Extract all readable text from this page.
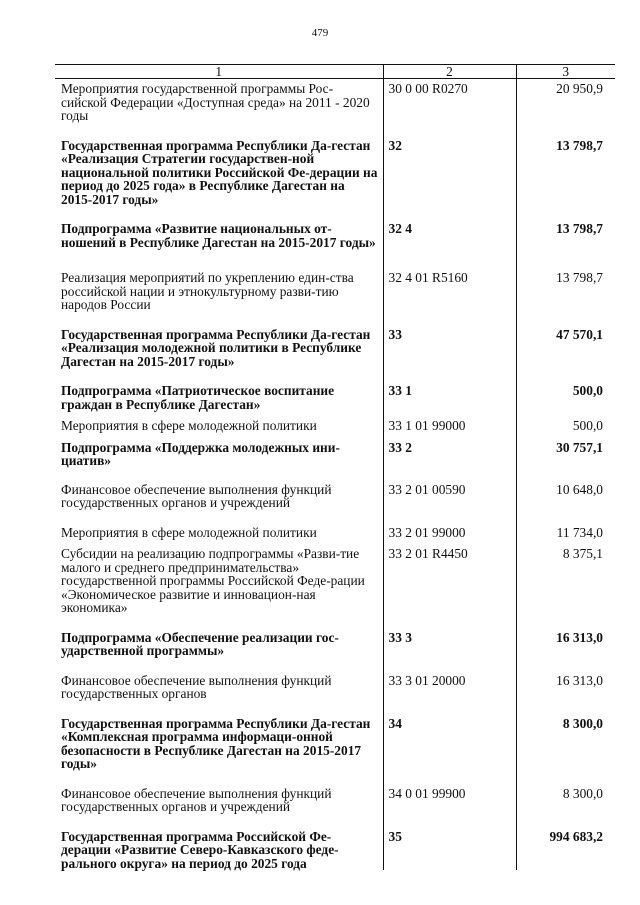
479
1	2	3
Мероприятия государственной программы Рос-сийской Федерации «Доступная среда» на 2011 - 2020 годы	30 0 00 R0270	20 950,9
Государственная программа Республики Да-гестан «Реализация Стратегии государствен-ной национальной политики Российской Фе-дерации на период до 2025 года» в Республике Дагестан на 2015-2017 годы»	32	13 798,7
Подпрограмма «Развитие национальных от-ношений в Республике Дагестан на 2015-2017 годы»	32 4	13 798,7
Реализация мероприятий по укреплению един-ства российской нации и этнокультурному разви-тию народов России	32 4 01 R5160	13 798,7
Государственная программа Республики Да-гестан «Реализация молодежной политики в Республике Дагестан на 2015-2017 годы»	33	47 570,1
Подпрограмма «Патриотическое воспитание граждан в Республике Дагестан»	33 1	500,0
Мероприятия в сфере молодежной политики	33 1 01 99000	500,0
Подпрограмма «Поддержка молодежных ини-циатив»	33 2	30 757,1
Финансовое обеспечение выполнения функций государственных органов и учреждений	33 2 01 00590	10 648,0
Мероприятия в сфере молодежной политики	33 2 01 99000	11 734,0
Субсидии на реализацию подпрограммы «Разви-тие малого и среднего предпринимательства» государственной программы Российской Феде-рации «Экономическое развитие и инновацион-ная экономика»	33 2 01 R4450	8 375,1
Подпрограмма «Обеспечение реализации гос-ударственной программы»	33 3	16 313,0
Финансовое обеспечение выполнения функций государственных органов	33 3 01 20000	16 313,0
Государственная программа Республики Да-гестан «Комплексная программа информаци-онной безопасности в Республике Дагестан на 2015-2017 годы»	34	8 300,0
Финансовое обеспечение выполнения функций государственных органов и учреждений	34 0 01 99900	8 300,0
Государственная программа Российской Фе-дерации «Развитие Северо-Кавказского феде-рального округа» на период до 2025 года	35	994 683,2
